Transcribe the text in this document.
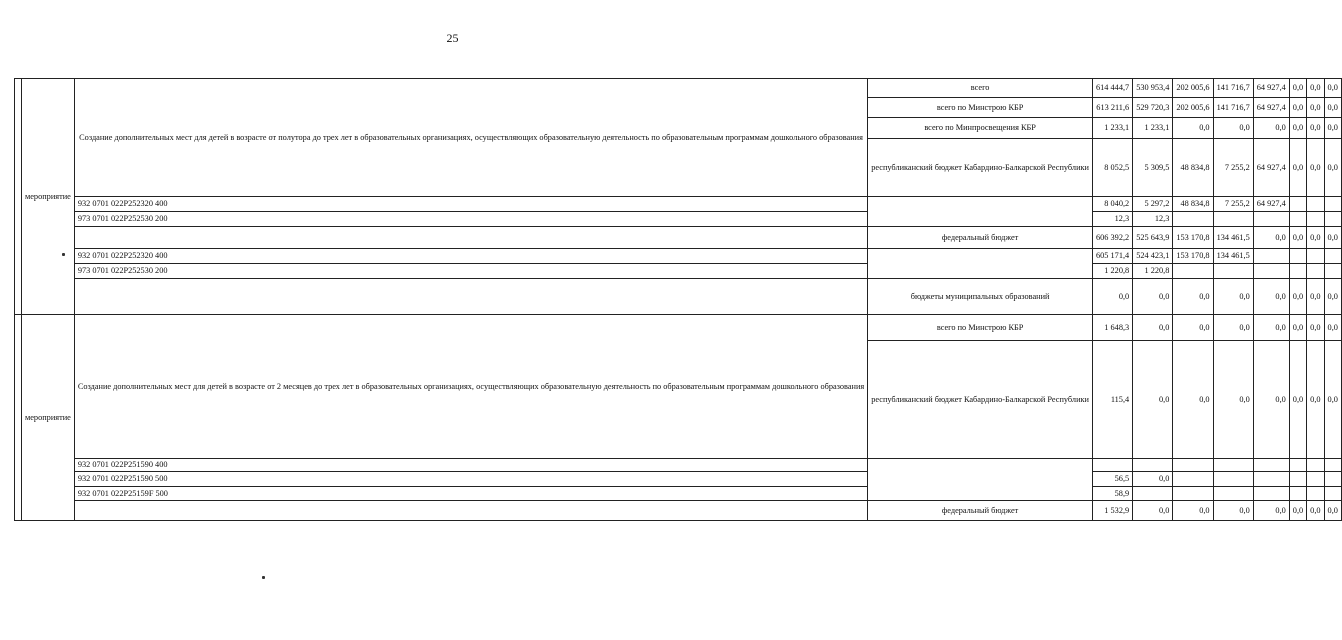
25
	мероприятие	Создание дополнительных мест для детей в возрасте от полутора до трех лет в образовательных организациях, осуществляющих образовательную деятельность по образовательным программам дошкольного образования	всего	614 444,7	530 953,4	202 005,6	141 716,7	64 927,4	0,0	0,0	0,0
			всего по Минстрою КБР	613 211,6	529 720,3	202 005,6	141 716,7	64 927,4	0,0	0,0	0,0
			всего по Минпросвещения КБР	1 233,1	1 233,1	0,0	0,0	0,0	0,0	0,0	0,0
			республиканский бюджет Кабардино-Балкарской Республики	8 052,5	5 309,5	48 834,8	7 255,2	64 927,4	0,0	0,0	0,0
		932 0701 022Р252320 400		8 040,2	5 297,2	48 834,8	7 255,2	64 927,4			
		973 0701 022Р252530 200		12,3	12,3						
			федеральный бюджет	606 392,2	525 643,9	153 170,8	134 461,5	0,0	0,0	0,0	0,0
		932 0701 022Р252320 400		605 171,4	524 423,1	153 170,8	134 461,5				
		973 0701 022Р252530 200		1 220,8	1 220,8						
			бюджеты муниципальных образований	0,0	0,0	0,0	0,0	0,0	0,0	0,0	0,0
	мероприятие	Создание дополнительных мест для детей в возрасте от 2 месяцев до трех лет в образовательных организациях, осуществляющих образовательную деятельность по образовательным программам дошкольного образования	всего по Минстрою КБР	1 648,3	0,0	0,0	0,0	0,0	0,0	0,0	0,0
			республиканский бюджет Кабардино-Балкарской Республики	115,4	0,0	0,0	0,0	0,0	0,0	0,0	0,0
		932 0701 022Р251590 400									
		932 0701 022Р251590 500		56,5	0,0						
		932 0701 022Р25159F 500		58,9							
			федеральный бюджет	1 532,9	0,0	0,0	0,0	0,0	0,0	0,0	0,0
